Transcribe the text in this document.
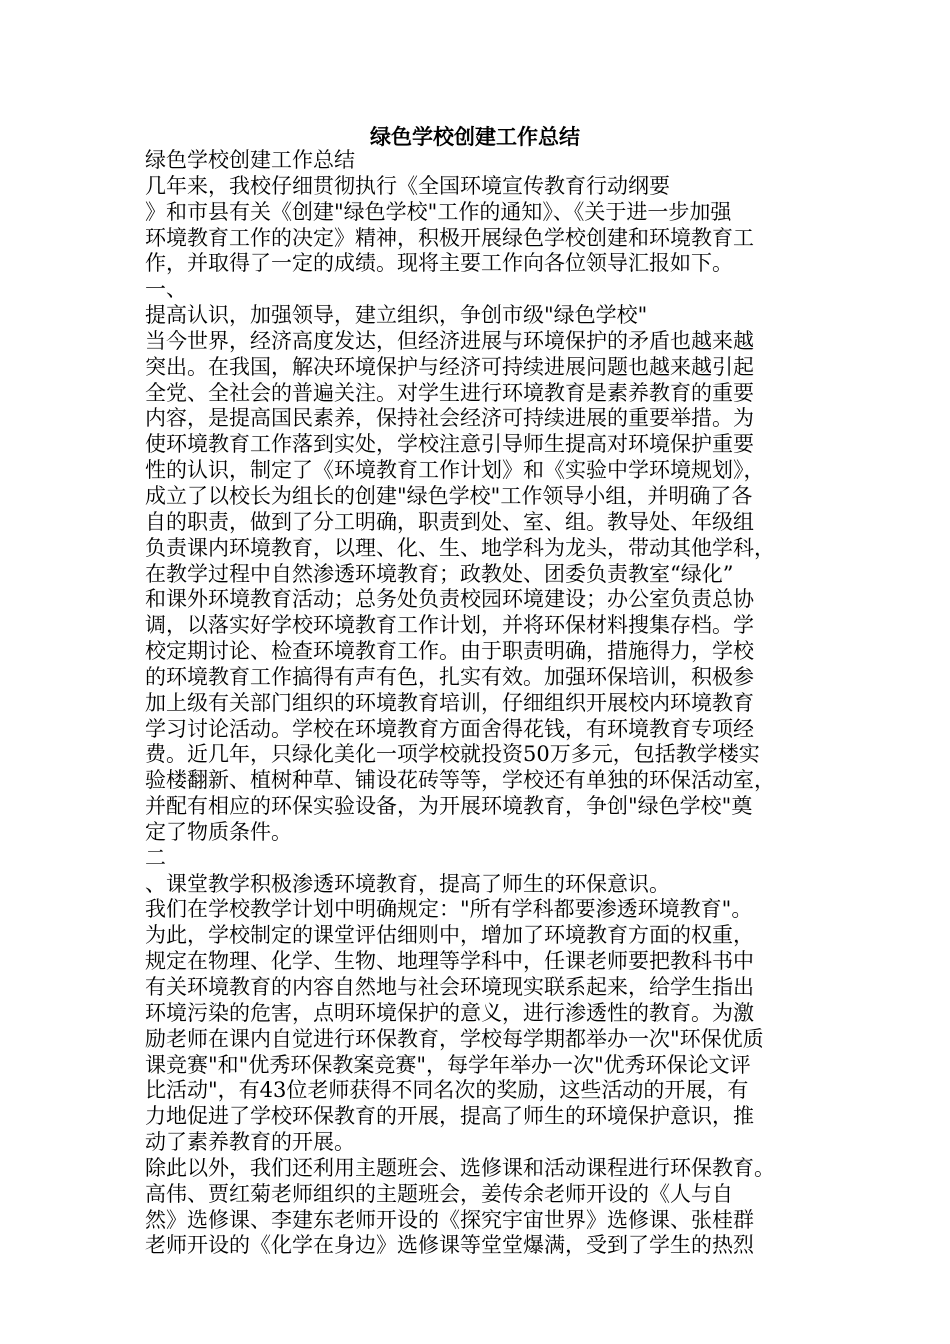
绿色学校创建工作总结
绿色学校创建工作总结
几年来，我校仔细贯彻执行《全国环境宣传教育行动纲要
》和市县有关《创建"绿色学校"工作的通知》、《关于进一步加强
环境教育工作的决定》精神，积极开展绿色学校创建和环境教育工
作，并取得了一定的成绩。现将主要工作向各位领导汇报如下。
一、
提高认识，加强领导，建立组织，争创市级"绿色学校"
当今世界，经济高度发达，但经济进展与环境保护的矛盾也越来越
突出。在我国，解决环境保护与经济可持续进展问题也越来越引起
全党、全社会的普遍关注。对学生进行环境教育是素养教育的重要
内容，是提高国民素养，保持社会经济可持续进展的重要举措。为
使环境教育工作落到实处，学校注意引导师生提高对环境保护重要
性的认识，制定了《环境教育工作计划》和《实验中学环境规划》，
成立了以校长为组长的创建"绿色学校"工作领导小组，并明确了各
自的职责，做到了分工明确，职责到处、室、组。教导处、年级组
负责课内环境教育，以理、化、生、地学科为龙头，带动其他学科，
在教学过程中自然渗透环境教育；政教处、团委负责教室“绿化”
和课外环境教育活动；总务处负责校园环境建设；办公室负责总协
调，以落实好学校环境教育工作计划，并将环保材料搜集存档。学
校定期讨论、检查环境教育工作。由于职责明确，措施得力，学校
的环境教育工作搞得有声有色，扎实有效。加强环保培训，积极参
加上级有关部门组织的环境教育培训，仔细组织开展校内环境教育
学习讨论活动。学校在环境教育方面舍得花钱，有环境教育专项经
费。近几年，只绿化美化一项学校就投资50万多元，包括教学楼实
验楼翻新、植树种草、铺设花砖等等，学校还有单独的环保活动室，
并配有相应的环保实验设备，为开展环境教育，争创"绿色学校"奠
定了物质条件。
二
、课堂教学积极渗透环境教育，提高了师生的环保意识。
我们在学校教学计划中明确规定："所有学科都要渗透环境教育"。
为此，学校制定的课堂评估细则中，增加了环境教育方面的权重，
规定在物理、化学、生物、地理等学科中，任课老师要把教科书中
有关环境教育的内容自然地与社会环境现实联系起来，给学生指出
环境污染的危害，点明环境保护的意义，进行渗透性的教育。为激
励老师在课内自觉进行环保教育，学校每学期都举办一次"环保优质
课竞赛"和"优秀环保教案竞赛"，每学年举办一次"优秀环保论文评
比活动"，有43位老师获得不同名次的奖励，这些活动的开展，有
力地促进了学校环保教育的开展，提高了师生的环境保护意识，推
动了素养教育的开展。
除此以外，我们还利用主题班会、选修课和活动课程进行环保教育。
高伟、贾红菊老师组织的主题班会，姜传余老师开设的《人与自
然》选修课、李建东老师开设的《探究宇宙世界》选修课、张桂群
老师开设的《化学在身边》选修课等堂堂爆满，受到了学生的热烈
